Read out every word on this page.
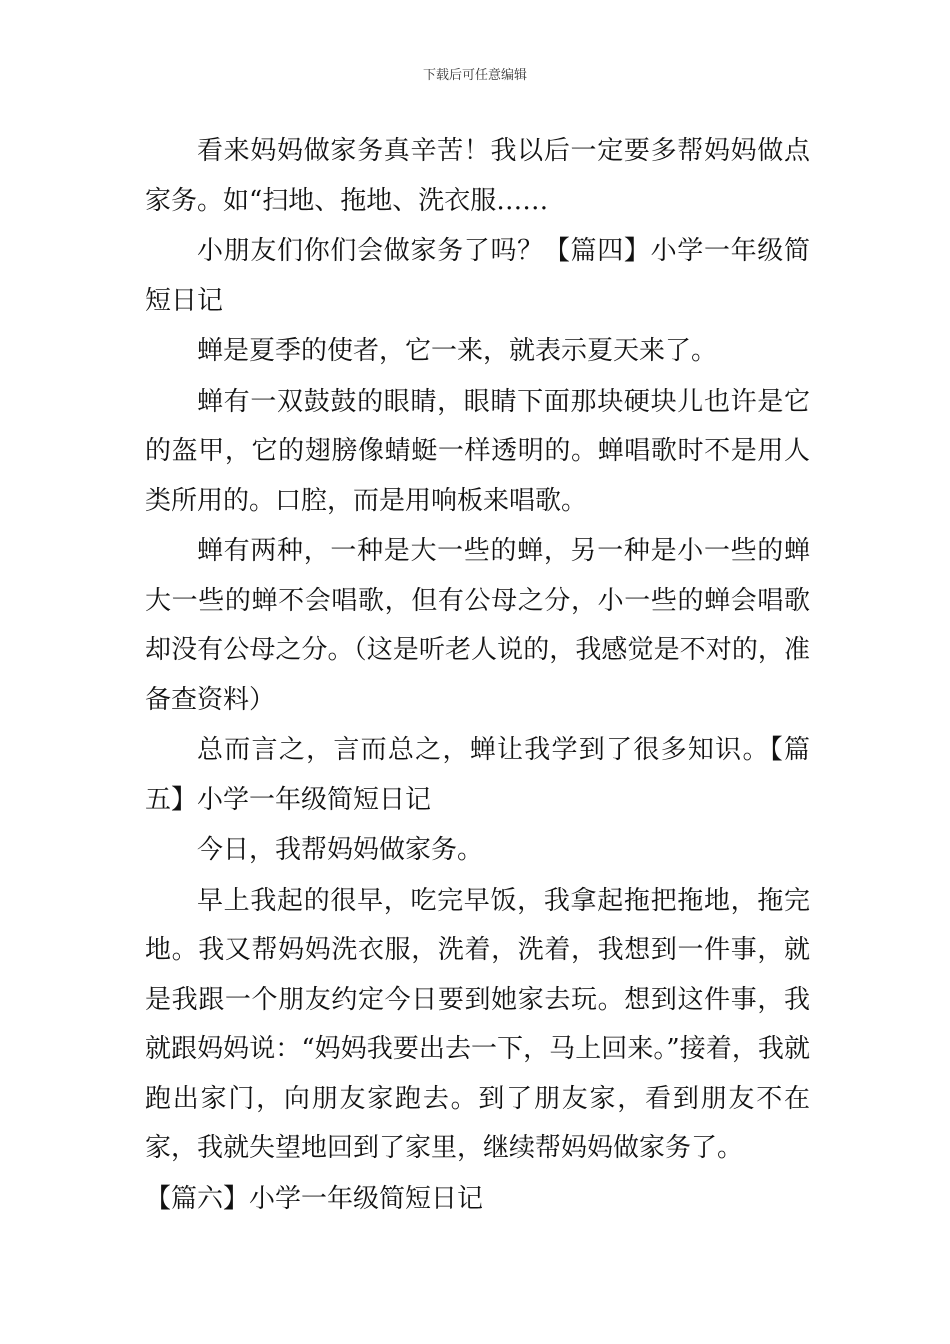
下载后可任意编辑

看来妈妈做家务真辛苦！我以后一定要多帮妈妈做点家务。如“扫地、拖地、洗衣服……

小朋友们你们会做家务了吗？【篇四】小学一年级简短日记

蝉是夏季的使者，它一来，就表示夏天来了。

蝉有一双鼓鼓的眼睛，眼睛下面那块硬块儿也许是它的盔甲，它的翅膀像蜻蜓一样透明的。蝉唱歌时不是用人类所用的。口腔，而是用响板来唱歌。

蝉有两种，一种是大一些的蝉，另一种是小一些的蝉大一些的蝉不会唱歌，但有公母之分，小一些的蝉会唱歌却没有公母之分。（这是听老人说的，我感觉是不对的，准备查资料）

总而言之，言而总之，蝉让我学到了很多知识。【篇五】小学一年级简短日记

今日，我帮妈妈做家务。

早上我起的很早，吃完早饭，我拿起拖把拖地，拖完地。我又帮妈妈洗衣服，洗着，洗着，我想到一件事，就是我跟一个朋友约定今日要到她家去玩。想到这件事，我就跟妈妈说：“妈妈我要出去一下，马上回来。”接着，我就跑出家门，向朋友家跑去。到了朋友家，看到朋友不在家，我就失望地回到了家里，继续帮妈妈做家务了。

【篇六】小学一年级简短日记
